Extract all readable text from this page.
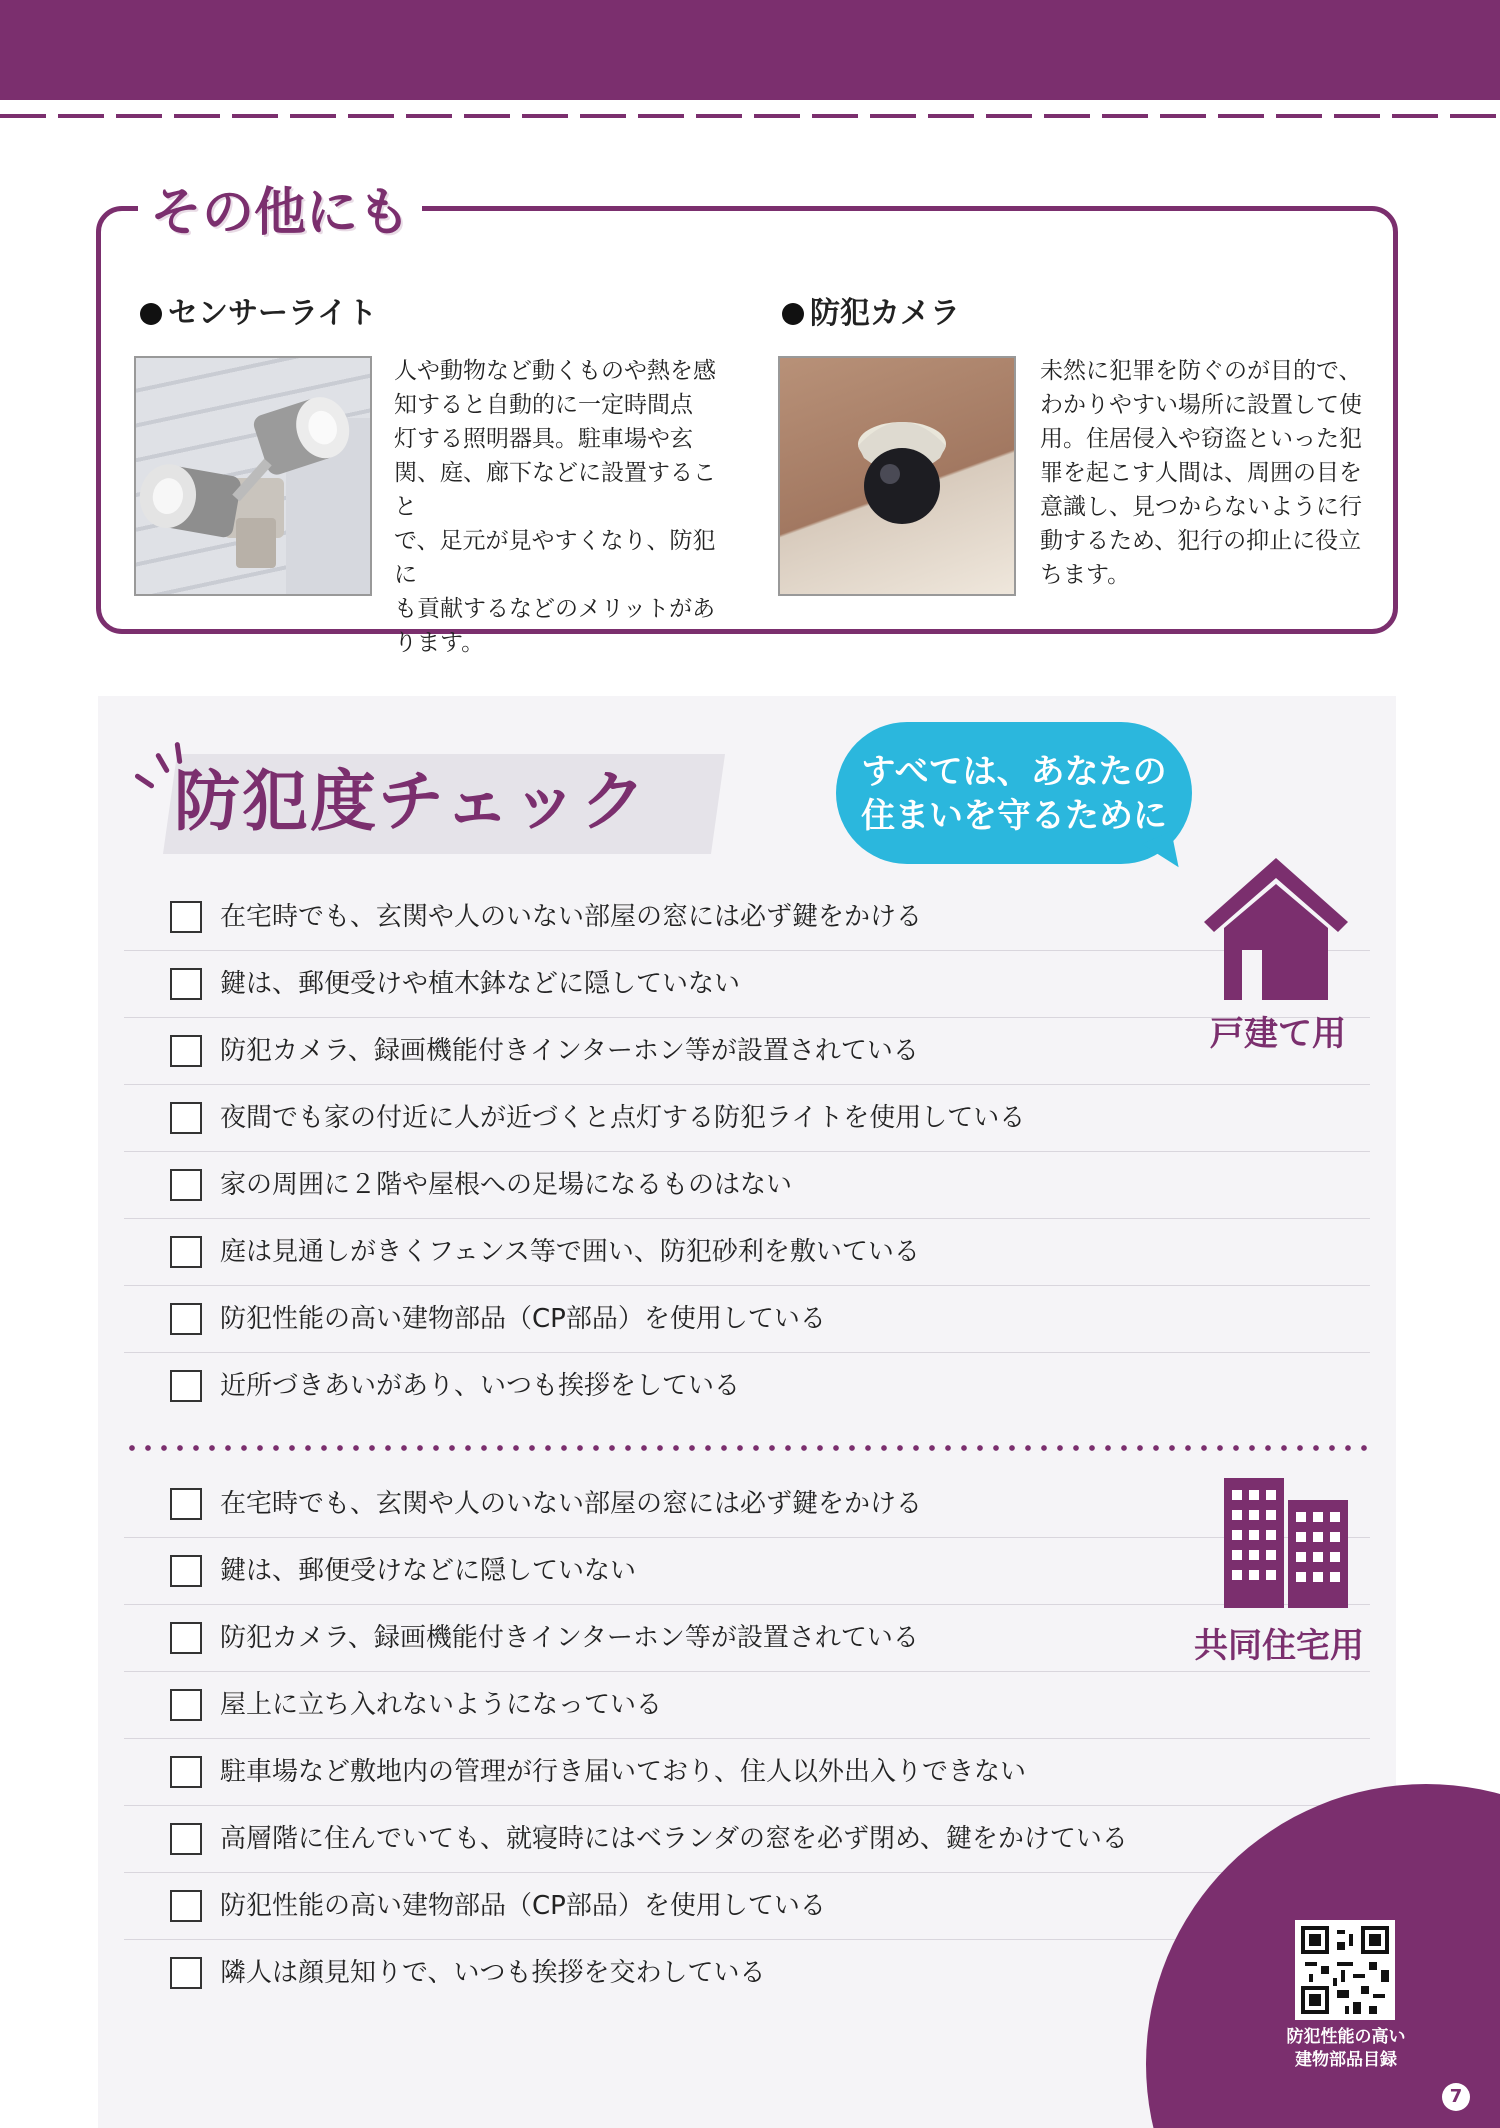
その他にも
センサーライト
人や動物など動くものや熱を感
知すると自動的に一定時間点
灯する照明器具。駐車場や玄
関、庭、廊下などに設置すること
で、足元が見やすくなり、防犯に
も貢献するなどのメリットがあ
ります。
防犯カメラ
未然に犯罪を防ぐのが目的で、
わかりやすい場所に設置して使
用。住居侵入や窃盗といった犯
罪を起こす人間は、周囲の目を
意識し、見つからないように行
動するため、犯行の抑止に役立
ちます。
防犯度チェック	すべては、あなたの
住まいを守るために
在宅時でも、玄関や人のいない部屋の窓には必ず鍵をかける
鍵は、郵便受けや植木鉢などに隠していない
防犯カメラ、録画機能付きインターホン等が設置されている
夜間でも家の付近に人が近づくと点灯する防犯ライトを使用している
家の周囲に２階や屋根への足場になるものはない
庭は見通しがきくフェンス等で囲い、防犯砂利を敷いている
防犯性能の高い建物部品（CP部品）を使用している
近所づきあいがあり、いつも挨拶をしている
戸建て用
在宅時でも、玄関や人のいない部屋の窓には必ず鍵をかける
鍵は、郵便受けなどに隠していない
防犯カメラ、録画機能付きインターホン等が設置されている
屋上に立ち入れないようになっている
駐車場など敷地内の管理が行き届いており、住人以外出入りできない
高層階に住んでいても、就寝時にはベランダの窓を必ず閉め、鍵をかけている
防犯性能の高い建物部品（CP部品）を使用している
隣人は顔見知りで、いつも挨拶を交わしている
共同住宅用
防犯性能の高い
建物部品目録
7
